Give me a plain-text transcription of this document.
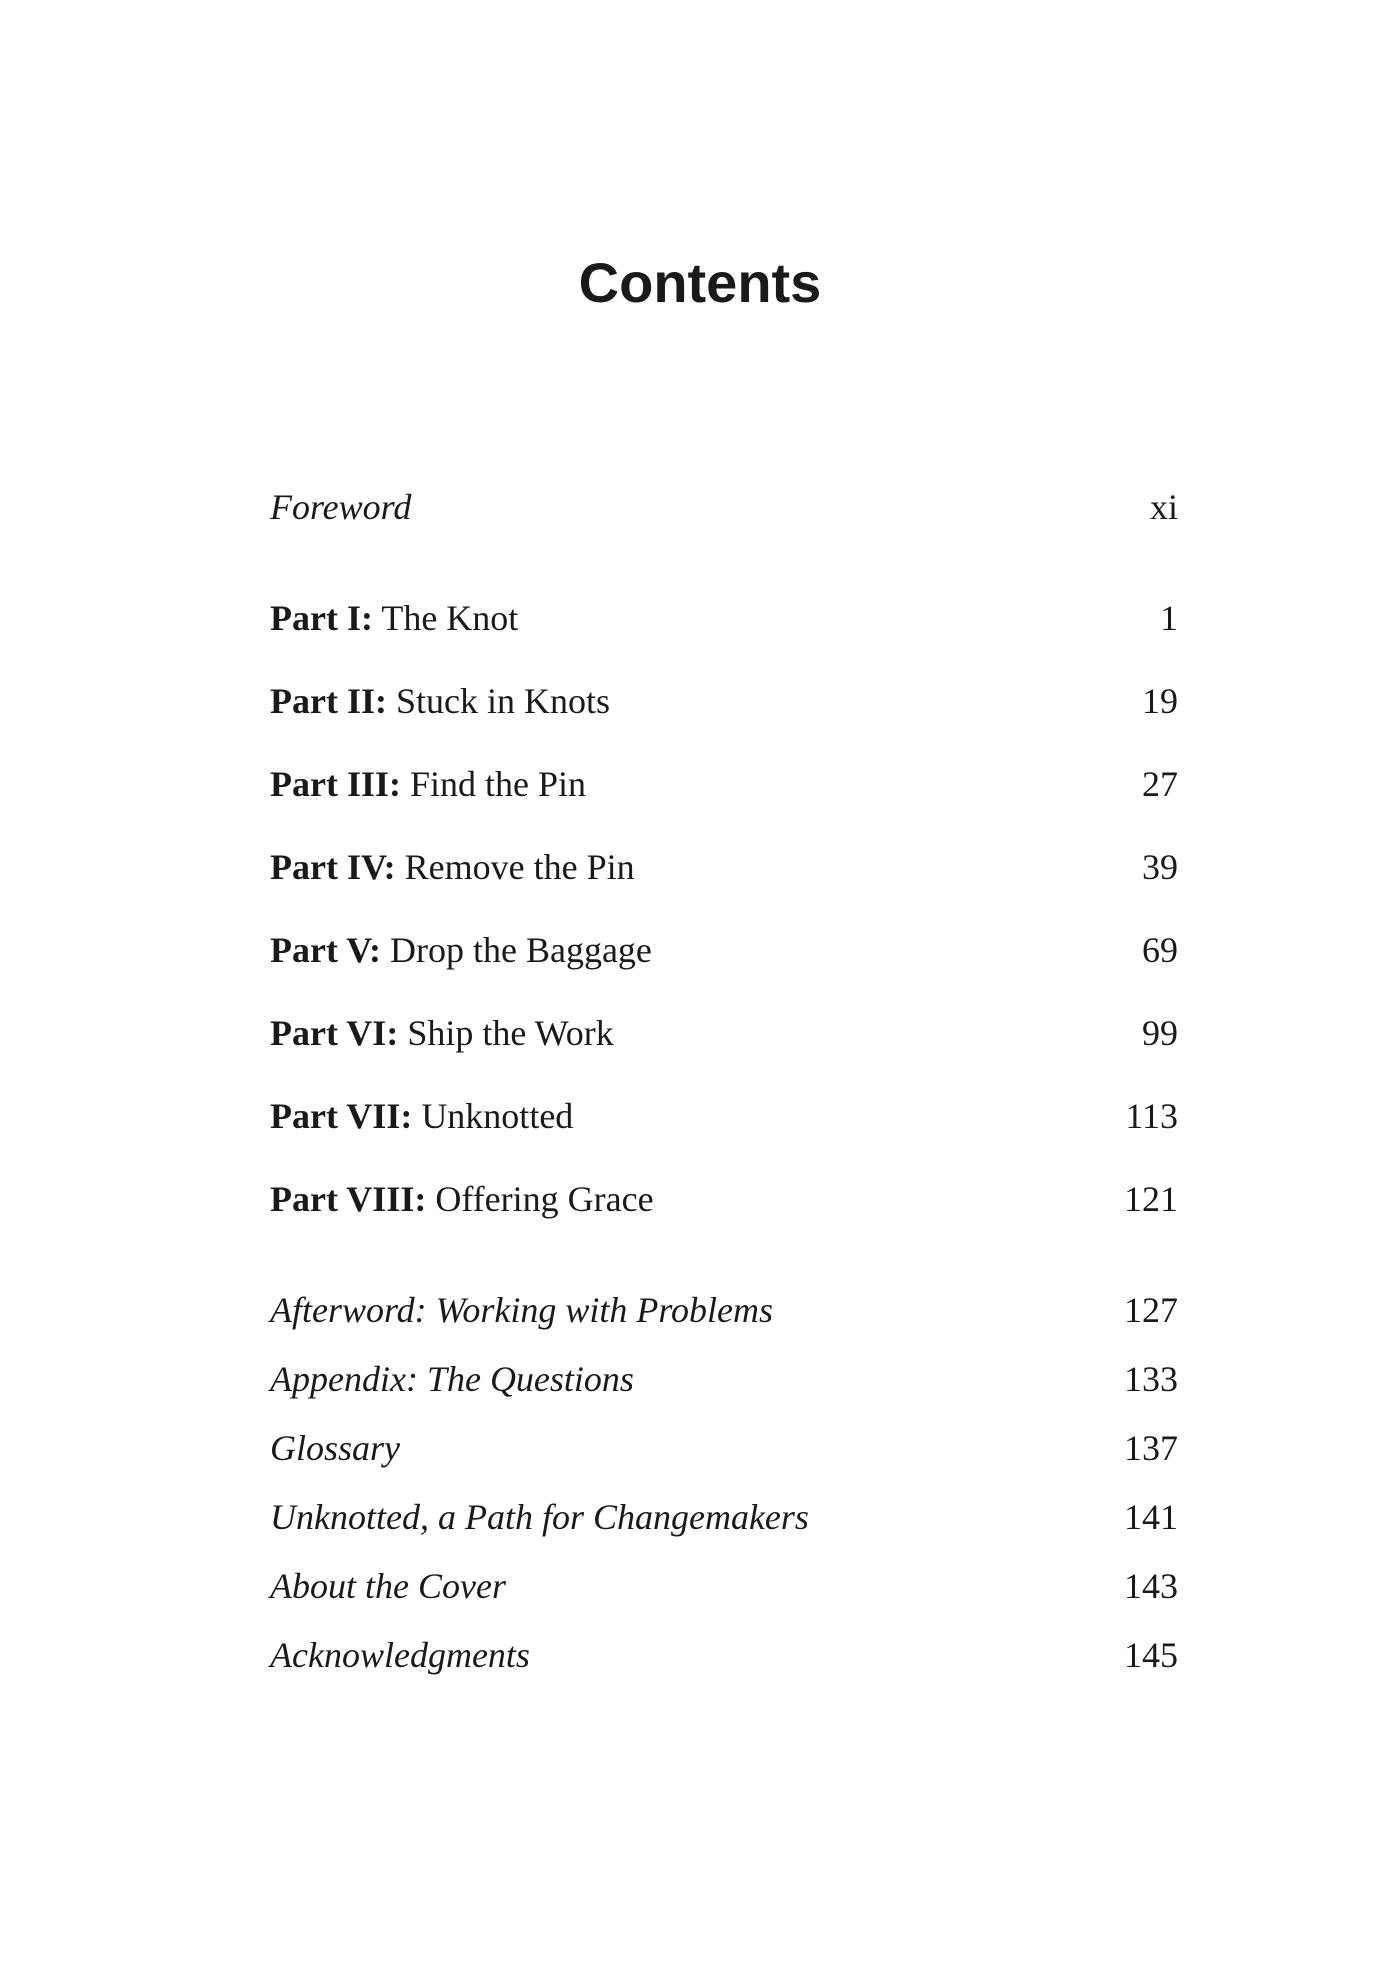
Contents
Foreword	xi
Part I: The Knot	1
Part II: Stuck in Knots	19
Part III: Find the Pin	27
Part IV: Remove the Pin	39
Part V: Drop the Baggage	69
Part VI: Ship the Work	99
Part VII: Unknotted	113
Part VIII: Offering Grace	121
Afterword: Working with Problems	127
Appendix: The Questions	133
Glossary	137
Unknotted, a Path for Changemakers	141
About the Cover	143
Acknowledgments	145
